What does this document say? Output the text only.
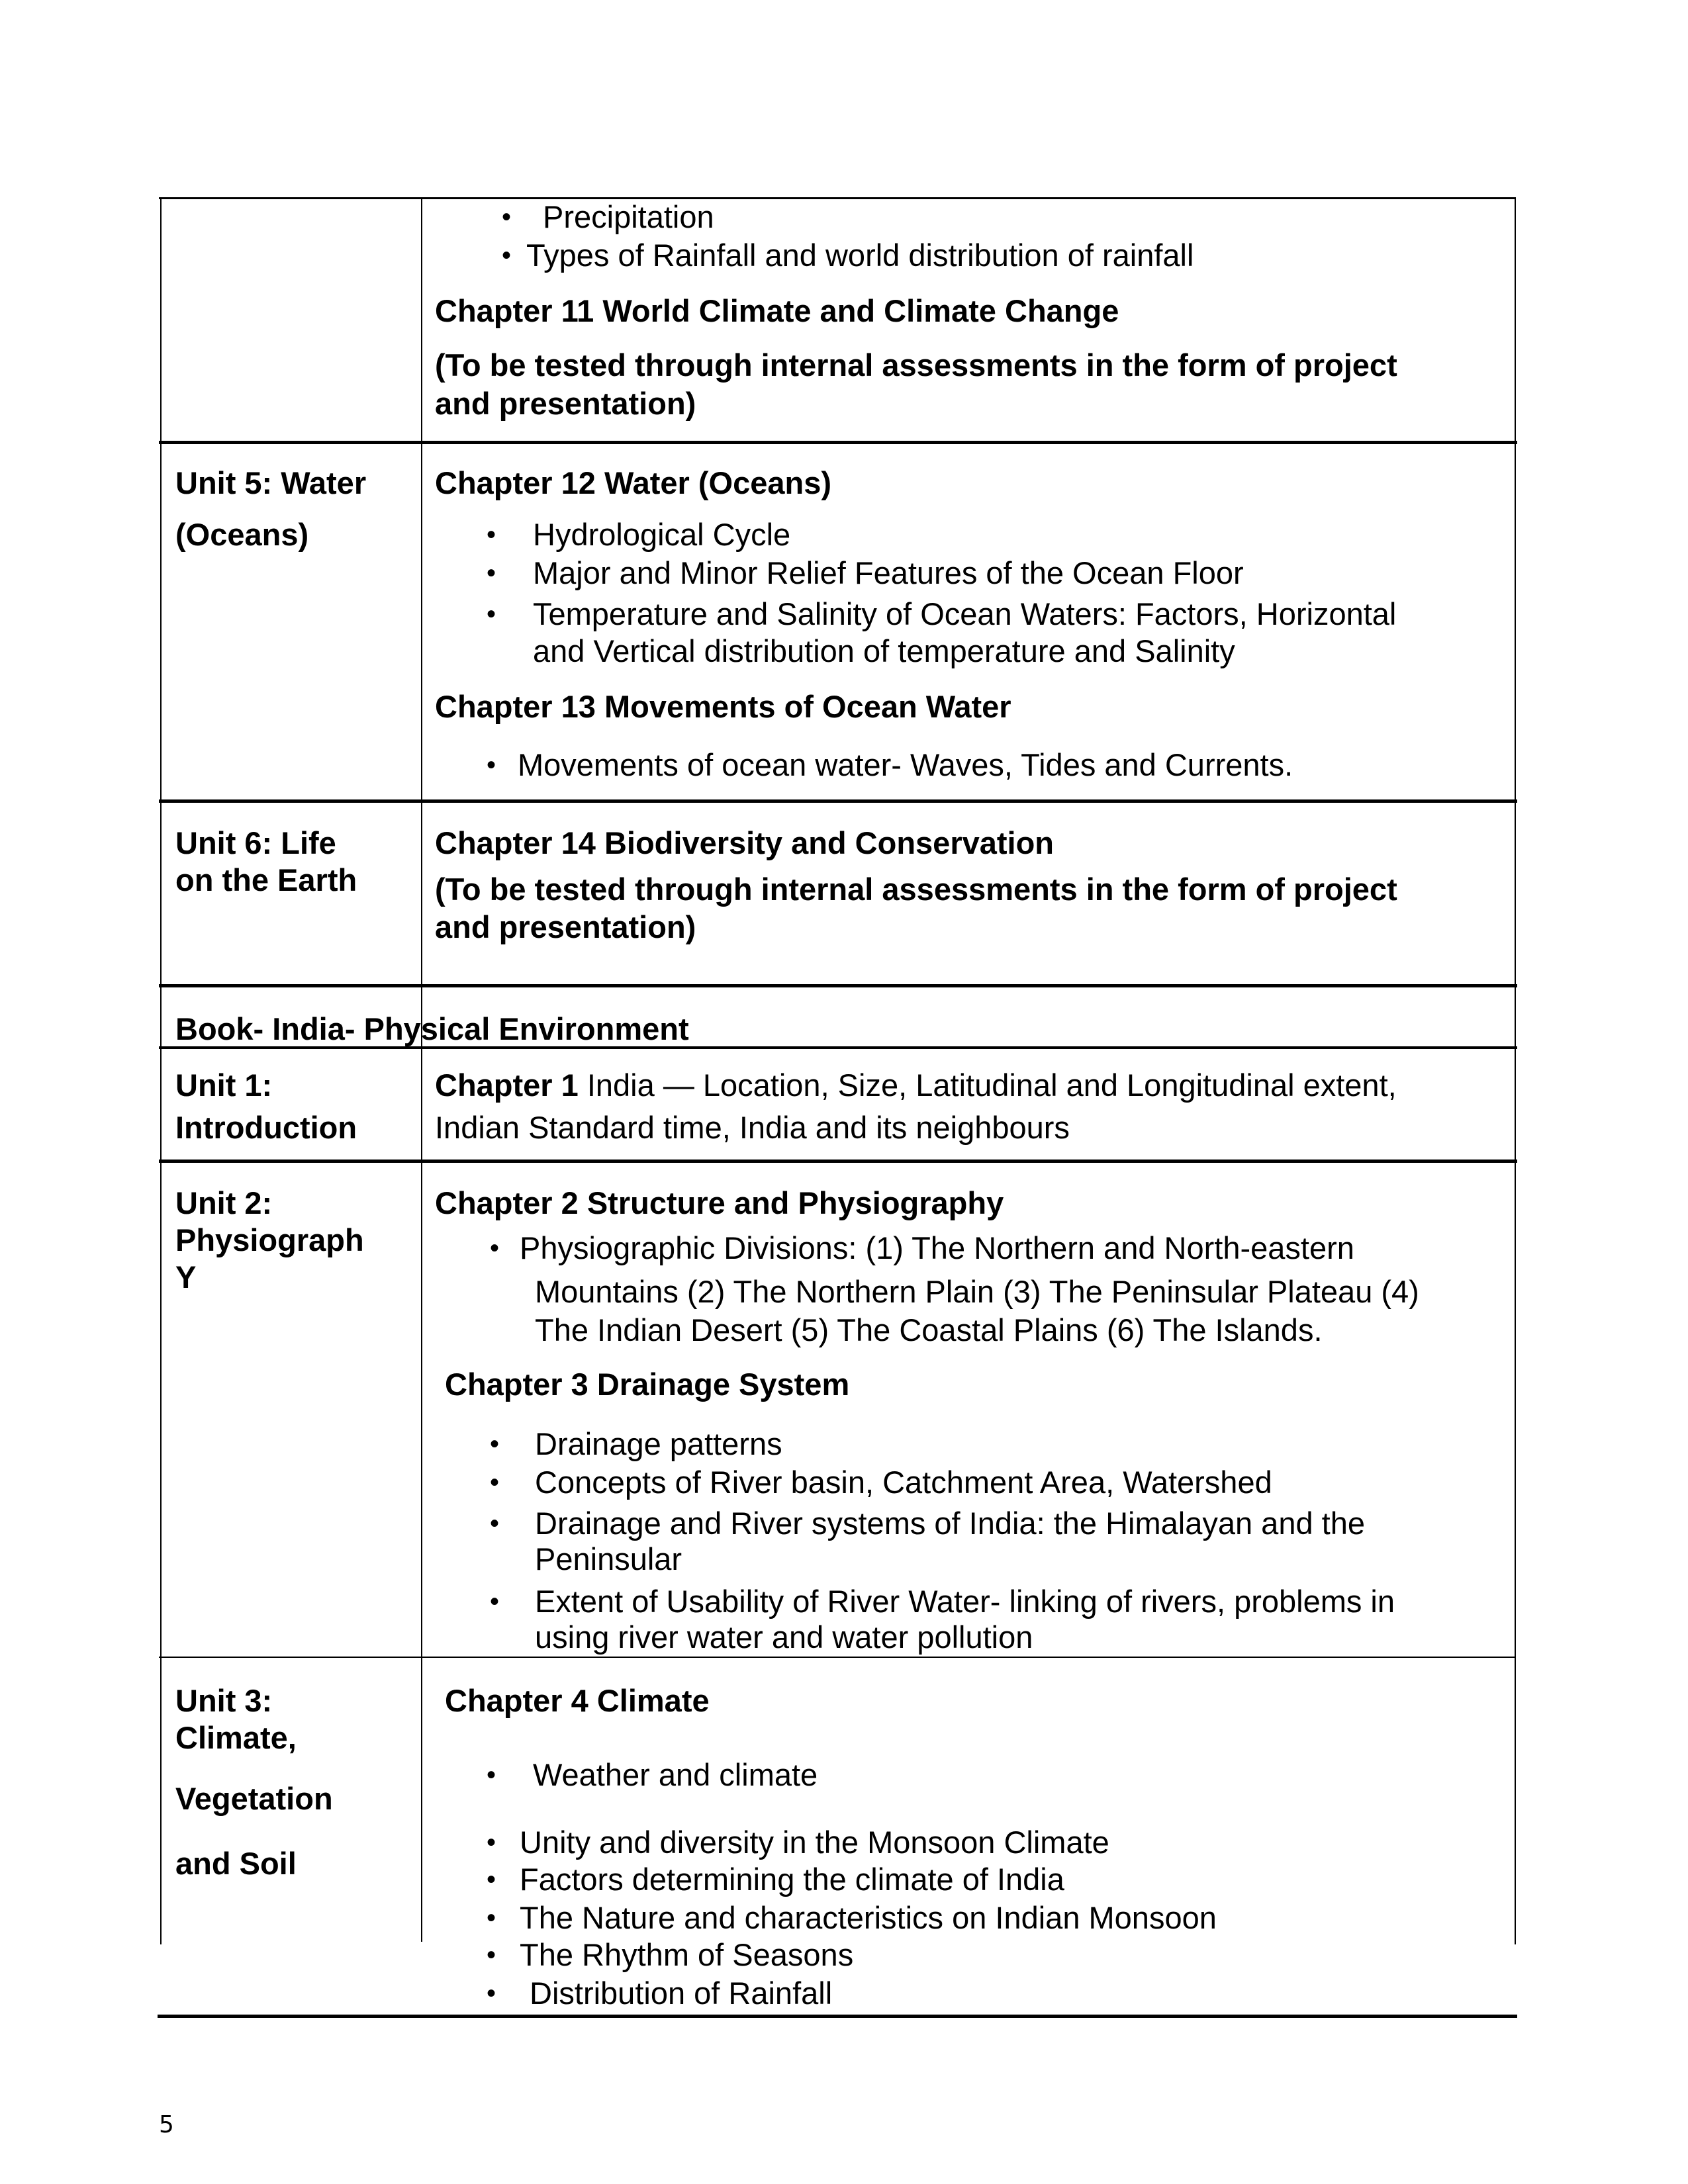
• Precipitation
• Types of Rainfall and world distribution of rainfall
Chapter 11 World Climate and Climate Change
(To be tested through internal assessments in the form of project
and presentation)
Unit 5: Water
(Oceans)
Chapter 12 Water (Oceans)
• Hydrological Cycle
• Major and Minor Relief Features of the Ocean Floor
• Temperature and Salinity of Ocean Waters: Factors, Horizontal
and Vertical distribution of temperature and Salinity
Chapter 13 Movements of Ocean Water
• Movements of ocean water- Waves, Tides and Currents.
Unit 6: Life
on the Earth
Chapter 14 Biodiversity and Conservation
(To be tested through internal assessments in the form of project
and presentation)
Book- India- Physical Environment
Unit 1:
Introduction
Chapter 1 India — Location, Size, Latitudinal and Longitudinal extent,
Indian Standard time, India and its neighbours
Unit 2:
Physiograph
Y
Chapter 2 Structure and Physiography
• Physiographic Divisions: (1) The Northern and North-eastern
Mountains (2) The Northern Plain (3) The Peninsular Plateau (4)
The Indian Desert (5) The Coastal Plains (6) The Islands.
Chapter 3 Drainage System
• Drainage patterns
• Concepts of River basin, Catchment Area, Watershed
• Drainage and River systems of India: the Himalayan and the
Peninsular
• Extent of Usability of River Water- linking of rivers, problems in
using river water and water pollution
Unit 3:
Climate,
Vegetation
and Soil
Chapter 4 Climate
• Weather and climate
• Unity and diversity in the Monsoon Climate
• Factors determining the climate of India
• The Nature and characteristics on Indian Monsoon
• The Rhythm of Seasons
• Distribution of Rainfall
5
